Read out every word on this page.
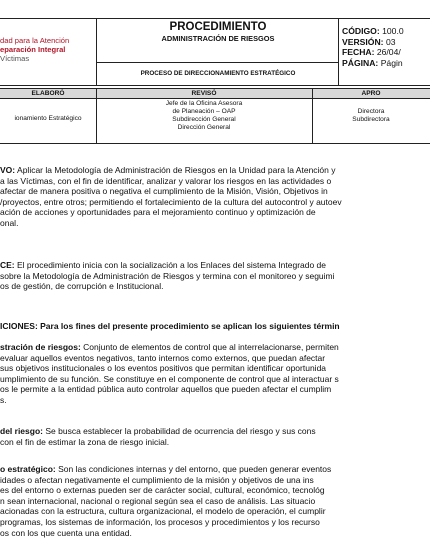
dad para la Atención
eparación Integral
Víctimas
PROCEDIMIENTO
ADMINISTRACIÓN DE RIESGOS
PROCESO DE DIRECCIONAMIENTO ESTRATÉGICO
CÓDIGO: 100.0
VERSIÓN: 03
FECHA: 26/04/
PÁGINA: Págin
ELABORÓ	REVISÓ	APRO
ionamiento Estratégico
Jefe de la Oficina Asesora
de Planeación – OAP
Subdirección General
Dirección General
Directora
Subdirectora
VO: Aplicar la Metodología de Administración de Riesgos en la Unidad para la Atención y
a las Víctimas, con el fin de identificar, analizar y valorar los riesgos en las actividades o
afectar de manera positiva o negativa el cumplimiento de la Misión, Visión, Objetivos in
/proyectos, entre otros; permitiendo el fortalecimiento de la cultura del autocontrol y autoev
ación de acciones y oportunidades para el mejoramiento continuo y optimización de
onal.
CE: El procedimiento inicia con la socialización a los Enlaces del sistema Integrado de
sobre la Metodología de Administración de Riesgos y termina con el monitoreo y seguimi
os de gestión, de corrupción e Institucional.
ICIONES: Para los fines del presente procedimiento se aplican los siguientes términ
stración de riesgos: Conjunto de elementos de control que al interrelacionarse, permiten
evaluar aquellos eventos negativos, tanto internos como externos, que puedan afectar
sus objetivos institucionales o los eventos positivos que permitan identificar oportunida
umplimiento de su función. Se constituye en el componente de control que al interactuar s
os le permite a la entidad pública auto controlar aquellos que pueden afectar el cumplim
s.
del riesgo: Se busca establecer la probabilidad de ocurrencia del riesgo y sus cons
con el fin de estimar la zona de riesgo inicial.
o estratégico: Son las condiciones internas y del entorno, que pueden generar eventos
idades o afectan negativamente el cumplimiento de la misión y objetivos de una ins
es del entorno o externas pueden ser de carácter social, cultural, económico, tecnológ
n sean internacional, nacional o regional según sea el caso de análisis. Las situacio
acionadas con la estructura, cultura organizacional, el modelo de operación, el cumplir
programas, los sistemas de información, los procesos y procedimientos y los recurso
os con los que cuenta una entidad.
